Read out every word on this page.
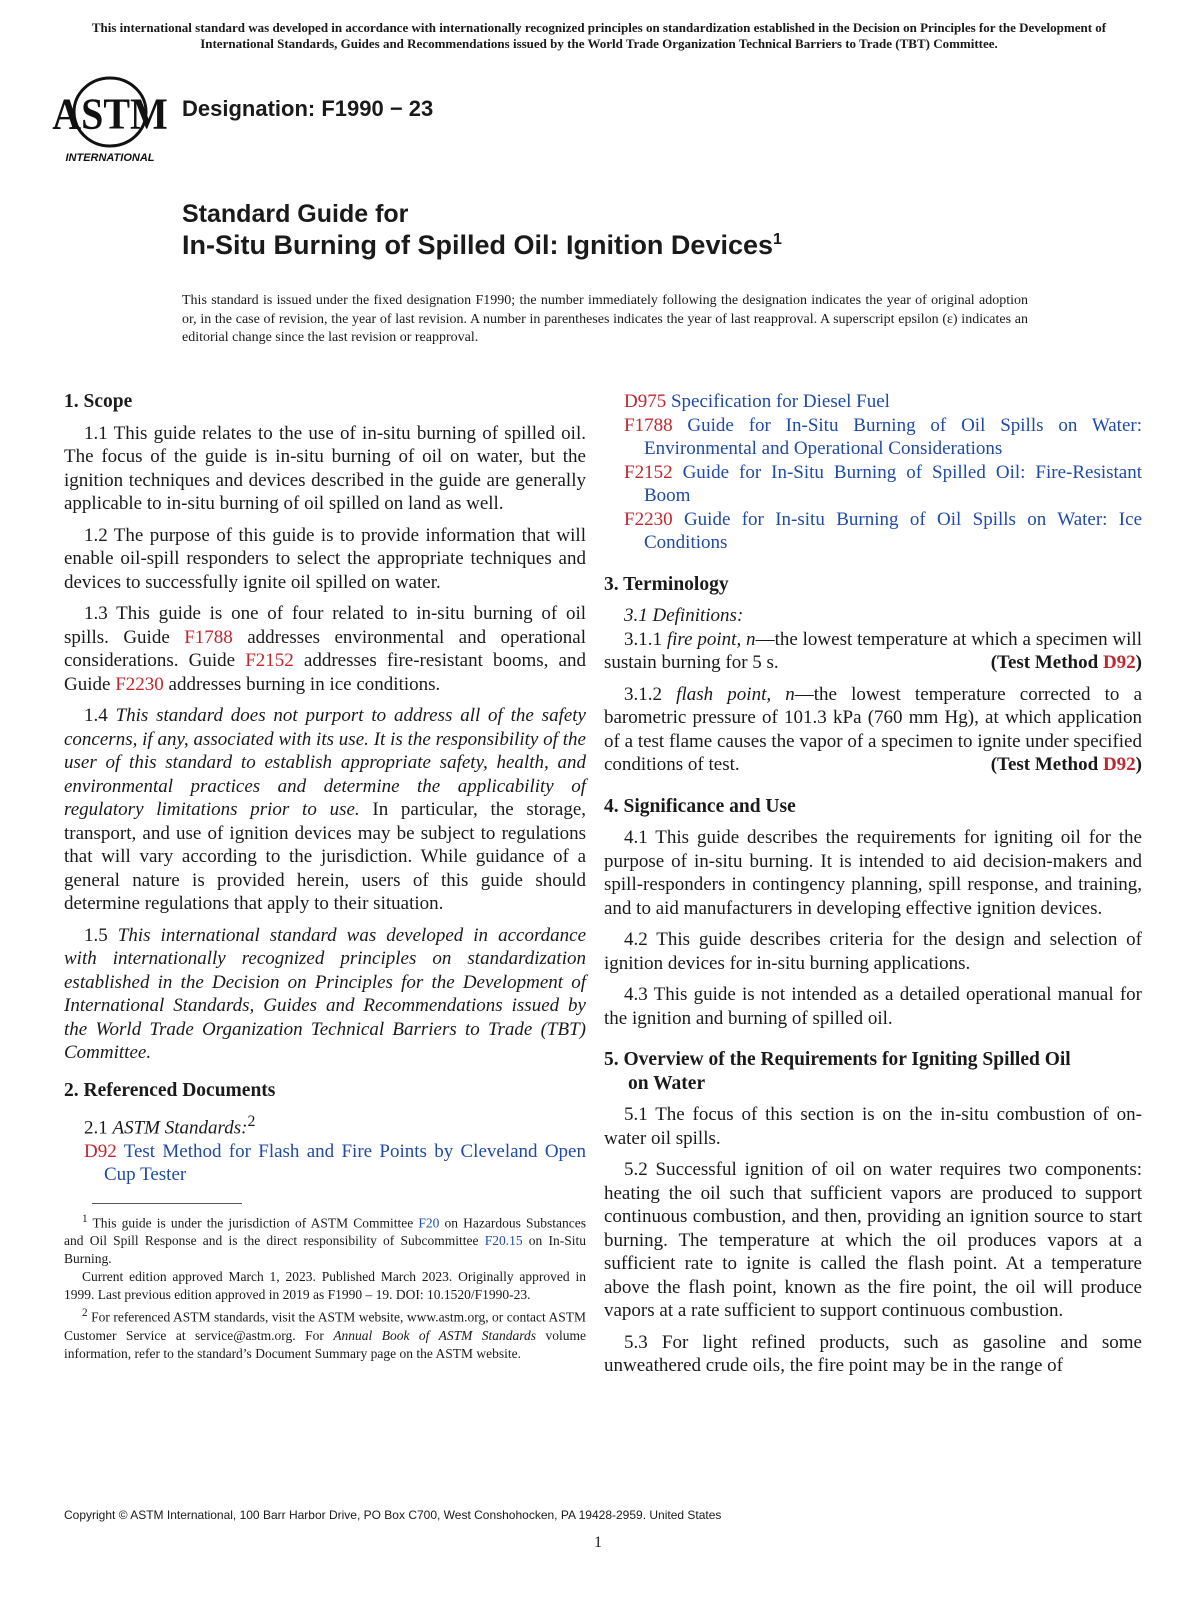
This international standard was developed in accordance with internationally recognized principles on standardization established in the Decision on Principles for the Development of International Standards, Guides and Recommendations issued by the World Trade Organization Technical Barriers to Trade (TBT) Committee.
ASTM
INTERNATIONAL
Designation: F1990 − 23
Standard Guide for
In-Situ Burning of Spilled Oil: Ignition Devices$^1$
This standard is issued under the fixed designation F1990; the number immediately following the designation indicates the year of original adoption or, in the case of revision, the year of last revision. A number in parentheses indicates the year of last reapproval. A superscript epsilon (ε) indicates an editorial change since the last revision or reapproval.
1. Scope

1.1 This guide relates to the use of in-situ burning of spilled oil. The focus of the guide is in-situ burning of oil on water, but the ignition techniques and devices described in the guide are generally applicable to in-situ burning of oil spilled on land as well.

1.2 The purpose of this guide is to provide information that will enable oil-spill responders to select the appropriate techniques and devices to successfully ignite oil spilled on water.

1.3 This guide is one of four related to in-situ burning of oil spills. Guide F1788 addresses environmental and operational considerations. Guide F2152 addresses fire-resistant booms, and Guide F2230 addresses burning in ice conditions.

1.4 This standard does not purport to address all of the safety concerns, if any, associated with its use. It is the responsibility of the user of this standard to establish appropriate safety, health, and environmental practices and determine the applicability of regulatory limitations prior to use. In particular, the storage, transport, and use of ignition devices may be subject to regulations that will vary according to the jurisdiction. While guidance of a general nature is provided herein, users of this guide should determine regulations that apply to their situation.

1.5 This international standard was developed in accordance with internationally recognized principles on standardization established in the Decision on Principles for the Development of International Standards, Guides and Recommendations issued by the World Trade Organization Technical Barriers to Trade (TBT) Committee.

2. Referenced Documents

2.1 ASTM Standards:$^2$

D92 Test Method for Flash and Fire Points by Cleveland Open Cup Tester

$^1$ This guide is under the jurisdiction of ASTM Committee F20 on Hazardous Substances and Oil Spill Response and is the direct responsibility of Subcommittee F20.15 on In-Situ Burning.

Current edition approved March 1, 2023. Published March 2023. Originally approved in 1999. Last previous edition approved in 2019 as F1990 – 19. DOI: 10.1520/F1990-23.

$^2$ For referenced ASTM standards, visit the ASTM website, www.astm.org, or contact ASTM Customer Service at service@astm.org. For Annual Book of ASTM Standards volume information, refer to the standard’s Document Summary page on the ASTM website.

D975 Specification for Diesel Fuel

F1788 Guide for In-Situ Burning of Oil Spills on Water: Environmental and Operational Considerations

F2152 Guide for In-Situ Burning of Spilled Oil: Fire-Resistant Boom

F2230 Guide for In-situ Burning of Oil Spills on Water: Ice Conditions

3. Terminology

3.1 Definitions:

3.1.1 fire point, n—the lowest temperature at which a specimen will sustain burning for 5 s.	(Test Method D92)

3.1.2 flash point, n—the lowest temperature corrected to a barometric pressure of 101.3 kPa (760 mm Hg), at which application of a test flame causes the vapor of a specimen to ignite under specified conditions of test.	(Test Method D92)

4. Significance and Use

4.1 This guide describes the requirements for igniting oil for the purpose of in-situ burning. It is intended to aid decision-makers and spill-responders in contingency planning, spill response, and training, and to aid manufacturers in developing effective ignition devices.

4.2 This guide describes criteria for the design and selection of ignition devices for in-situ burning applications.

4.3 This guide is not intended as a detailed operational manual for the ignition and burning of spilled oil.

5. Overview of the Requirements for Igniting Spilled Oil
on Water

5.1 The focus of this section is on the in-situ combustion of on-water oil spills.

5.2 Successful ignition of oil on water requires two components: heating the oil such that sufficient vapors are produced to support continuous combustion, and then, providing an ignition source to start burning. The temperature at which the oil produces vapors at a sufficient rate to ignite is called the flash point. At a temperature above the flash point, known as the fire point, the oil will produce vapors at a rate sufficient to support continuous combustion.

5.3 For light refined products, such as gasoline and some unweathered crude oils, the fire point may be in the range of

Copyright © ASTM International, 100 Barr Harbor Drive, PO Box C700, West Conshohocken, PA 19428-2959. United States
1
